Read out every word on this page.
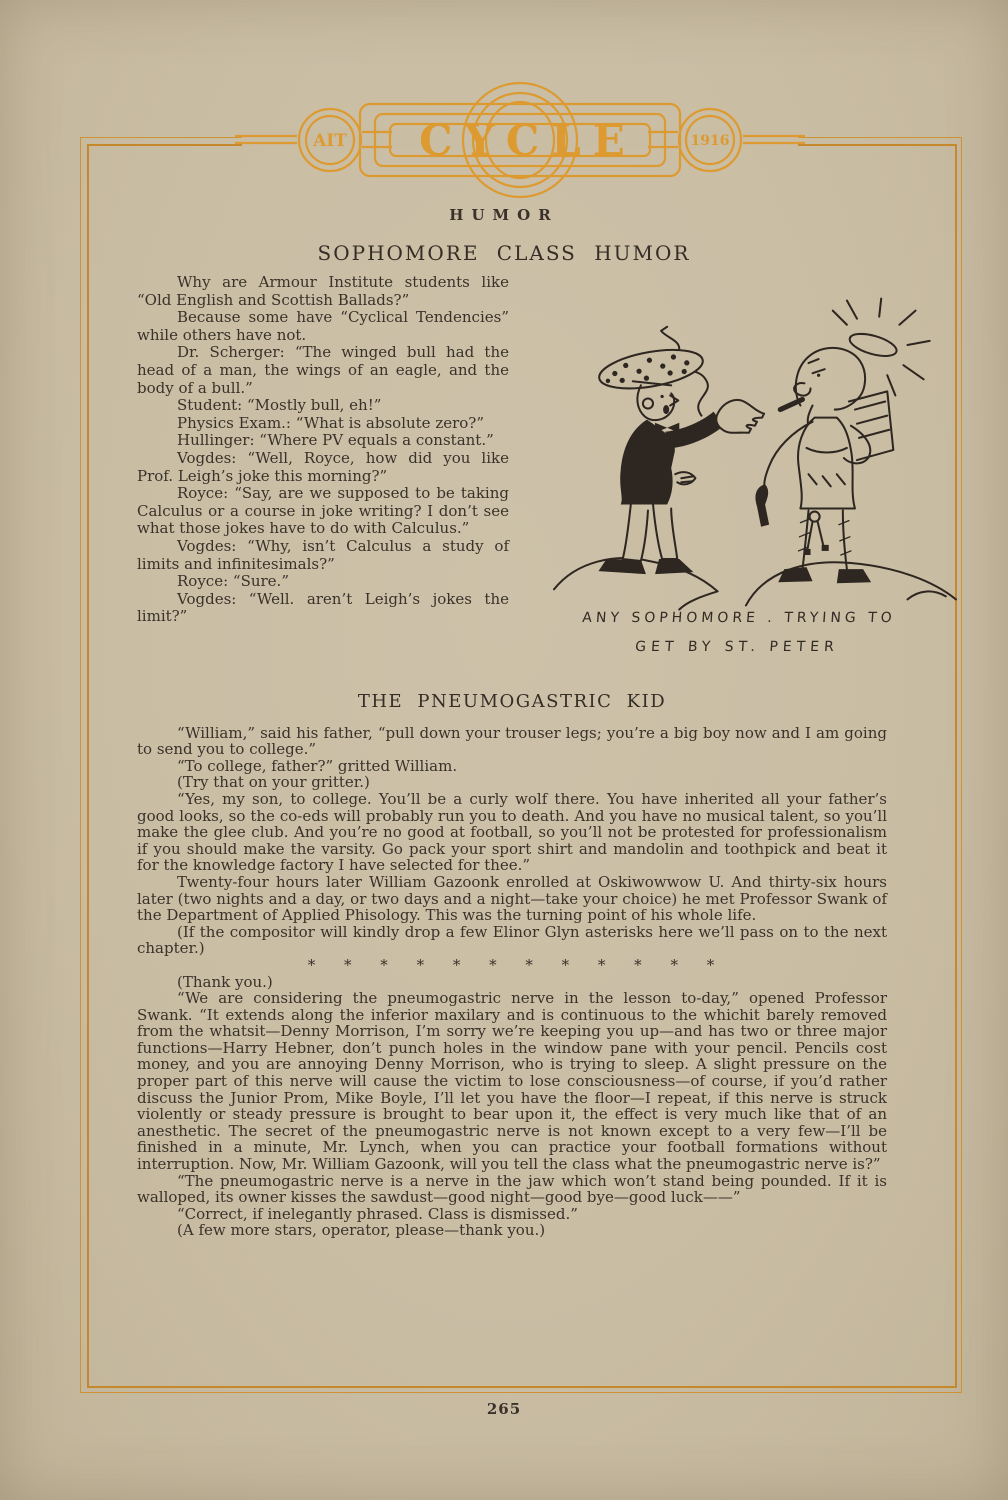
AIT CYCLE	1916
HUMOR
SOPHOMORE CLASS HUMOR

Why are Armour Institute students like “Old English and Scottish Ballads?”

Because some have “Cyclical Tendencies” while others have not.

Dr. Scherger: “The winged bull had the head of a man, the wings of an eagle, and the body of a bull.”

Student: “Mostly bull, eh!”

Physics Exam.: “What is absolute zero?”

Hullinger: “Where PV equals a constant.”

Vogdes: “Well, Royce, how did you like Prof. Leigh’s joke this morning?”

Royce: “Say, are we supposed to be taking Calculus or a course in joke writing? I don’t see what those jokes have to do with Calculus.”

Vogdes: “Why, isn’t Calculus a study of limits and infinitesimals?”

Royce: “Sure.”

Vogdes: “Well. aren’t Leigh’s jokes the limit?”	ANY SOPHOMORE . TRYING TO
GET BY ST. PETER
THE PNEUMOGASTRIC KID

“William,” said his father, “pull down your trouser legs; you’re a big boy now and I am going to send you to college.”

“To college, father?” gritted William.

(Try that on your gritter.)

“Yes, my son, to college. You’ll be a curly wolf there. You have inherited all your father’s good looks, so the co-eds will probably run you to death. And you have no musical talent, so you’ll make the glee club. And you’re no good at football, so you’ll not be protested for professionalism if you should make the varsity. Go pack your sport shirt and mandolin and toothpick and beat it for the knowledge factory I have selected for thee.”

Twenty-four hours later William Gazoonk enrolled at Oskiwowwow U. And thirty-six hours later (two nights and a day, or two days and a night—take your choice) he met Professor Swank of the Department of Applied Phisology. This was the turning point of his whole life.

(If the compositor will kindly drop a few Elinor Glyn asterisks here we’ll pass on to the next chapter.)

* * * * * * * * * * * *

(Thank you.)

“We are considering the pneumogastric nerve in the lesson to-day,” opened Professor Swank. “It extends along the inferior maxilary and is continuous to the whichit barely removed from the whatsit—Denny Morrison, I’m sorry we’re keeping you up—and has two or three major functions—Harry Hebner, don’t punch holes in the window pane with your pencil. Pencils cost money, and you are annoying Denny Morrison, who is trying to sleep. A slight pressure on the proper part of this nerve will cause the victim to lose consciousness—of course, if you’d rather discuss the Junior Prom, Mike Boyle, I’ll let you have the floor—I repeat, if this nerve is struck violently or steady pressure is brought to bear upon it, the effect is very much like that of an anesthetic. The secret of the pneumogastric nerve is not known except to a very few—I’ll be finished in a minute, Mr. Lynch, when you can practice your football formations without interruption. Now, Mr. William Gazoonk, will you tell the class what the pneumogastric nerve is?”

“The pneumogastric nerve is a nerve in the jaw which won’t stand being pounded. If it is walloped, its owner kisses the sawdust—good night—good bye—good luck——”

“Correct, if inelegantly phrased. Class is dismissed.”

(A few more stars, operator, please—thank you.)

265
